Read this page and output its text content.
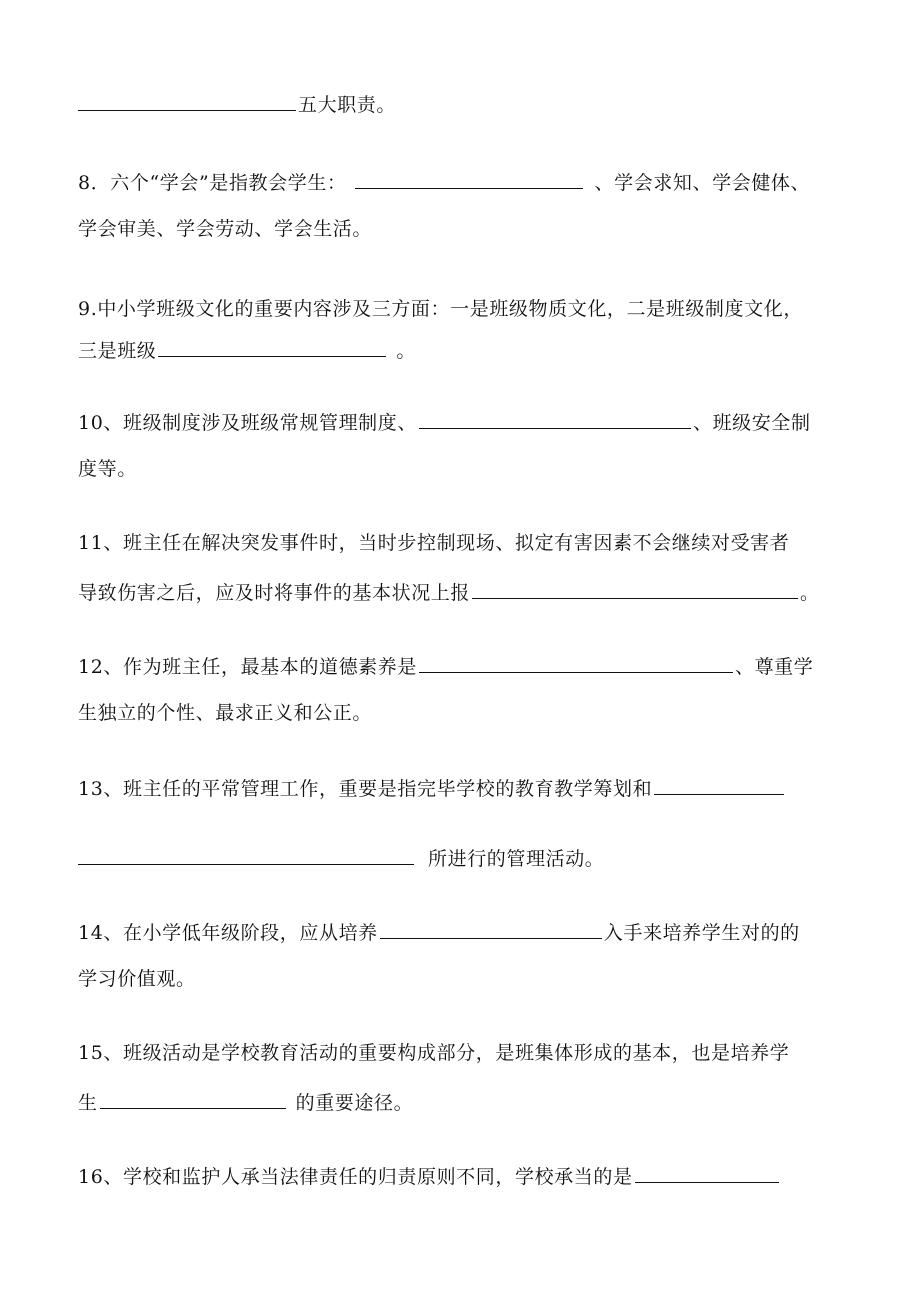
五大职责。
8．六个“学会”是指教会学生：	、学会求知、学会健体、
学会审美、学会劳动、学会生活。
9.中小学班级文化的重要内容涉及三方面：一是班级物质文化，二是班级制度文化，
三是班级	。
10、班级制度涉及班级常规管理制度、	、班级安全制
度等。
11、班主任在解决突发事件时，当时步控制现场、拟定有害因素不会继续对受害者
导致伤害之后，应及时将事件的基本状况上报	。
12、作为班主任，最基本的道德素养是	、尊重学
生独立的个性、最求正义和公正。
13、班主任的平常管理工作，重要是指完毕学校的教育教学筹划和
所进行的管理活动。
14、在小学低年级阶段，应从培养	入手来培养学生对的的
学习价值观。
15、班级活动是学校教育活动的重要构成部分，是班集体形成的基本，也是培养学
生	的重要途径。
16、学校和监护人承当法律责任的归责原则不同，学校承当的是
